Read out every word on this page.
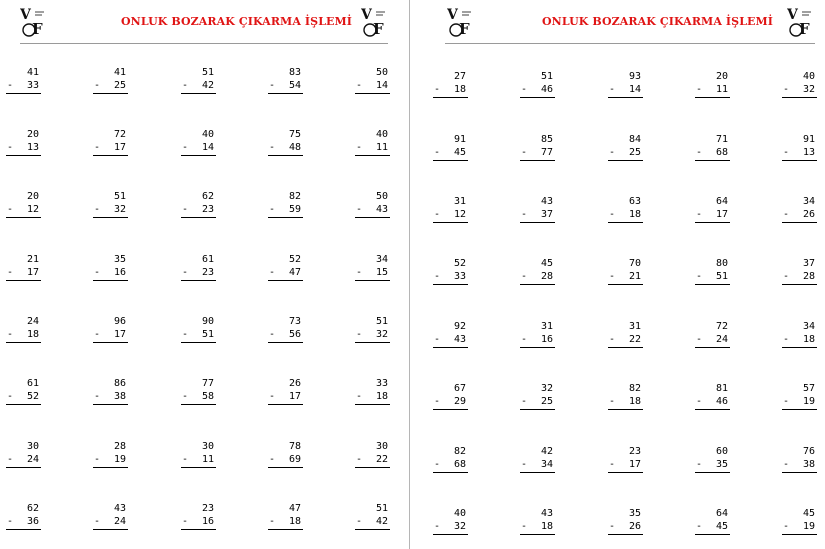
V
F	ONLUK BOZARAK ÇIKARMA İŞLEMİ V
F
41
- 33
41
- 25
51
- 42
83
- 54
50
- 14
20
- 13
72
- 17
40
- 14
75
- 48
40
- 11
20
- 12
51
- 32
62
- 23
82
- 59
50
- 43
21
- 17
35
- 16
61
- 23
52
- 47
34
- 15
24
- 18
96
- 17
90
- 51
73
- 56
51
- 32
61
- 52
86
- 38
77
- 58
26
- 17
33
- 18
30
- 24
28
- 19
30
- 11
78
- 69
30
- 22
62
- 36
43
- 24
23
- 16
47
- 18
51
- 42
V
F	ONLUK BOZARAK ÇIKARMA İŞLEMİ V
F
27
- 18
51
- 46
93
- 14
20
- 11
40
- 32
91
- 45
85
- 77
84
- 25
71
- 68
91
- 13
31
- 12
43
- 37
63
- 18
64
- 17
34
- 26
52
- 33
45
- 28
70
- 21
80
- 51
37
- 28
92
- 43
31
- 16
31
- 22
72
- 24
34
- 18
67
- 29
32
- 25
82
- 18
81
- 46
57
- 19
82
- 68
42
- 34
23
- 17
60
- 35
76
- 38
40
- 32
43
- 18
35
- 26
64
- 45
45
- 19
